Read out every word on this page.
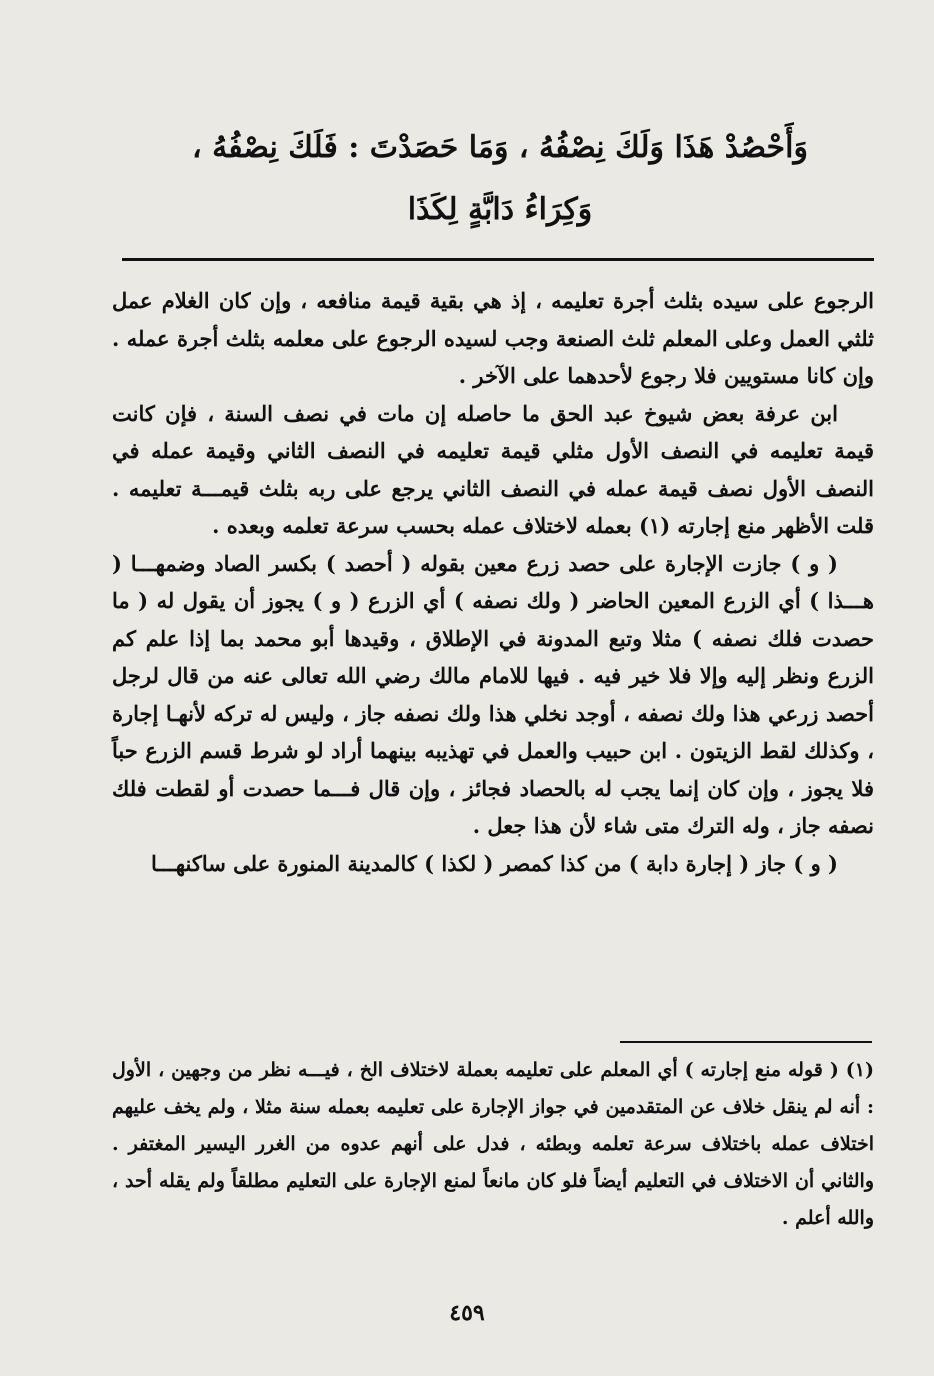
وَأَحْصُدْ هَذَا وَلَكَ نِصْفُهُ ، وَمَا حَصَدْتَ : فَلَكَ نِصْفُهُ ،
وَكِرَاءُ دَابَّةٍ لِكَذَا

الرجوع على سيده بثلث أجرة تعليمه ، إذ هي بقية قيمة منافعه ، وإن كان الغلام عمل ثلثي العمل وعلى المعلم ثلث الصنعة وجب لسيده الرجوع على معلمه بثلث أجرة عمله . وإن كانا مستويين فلا رجوع لأحدهما على الآخر .

ابن عرفة بعض شيوخ عبد الحق ما حاصله إن مات في نصف السنة ، فإن كانت قيمة تعليمه في النصف الأول مثلي قيمة تعليمه في النصف الثاني وقيمة عمله في النصف الأول نصف قيمة عمله في النصف الثاني يرجع على ربه بثلث قيمـــة تعليمه . قلت الأظهر منع إجارته (١) بعمله لاختلاف عمله بحسب سرعة تعلمه وبعده .

( و ) جازت الإجارة على حصد زرع معين بقوله ( أحصد ) بكسر الصاد وضمهـــا ( هـــذا ) أي الزرع المعين الحاضر ( ولك نصفه ) أي الزرع ( و ) يجوز أن يقول له ( ما حصدت فلك نصفه ) مثلا وتبع المدونة في الإطلاق ، وقيدها أبو محمد بما إذا علم كم الزرع ونظر إليه وإلا فلا خير فيه . فيها للامام مالك رضي الله تعالى عنه من قال لرجل أحصد زرعي هذا ولك نصفه ، أوجد نخلي هذا ولك نصفه جاز ، وليس له تركه لأنهـا إجارة ، وكذلك لقط الزيتون . ابن حبيب والعمل في تهذيبه بينهما أراد لو شرط قسم الزرع حباً فلا يجوز ، وإن كان إنما يجب له بالحصاد فجائز ، وإن قال فـــما حصدت أو لقطت فلك نصفه جاز ، وله الترك متى شاء لأن هذا جعل .

( و ) جاز ( إجارة دابة ) من كذا كمصر ( لكذا ) كالمدينة المنورة على ساكنهـــا

(١) ( قوله منع إجارته ) أي المعلم على تعليمه بعملة لاختلاف الخ ، فيـــه نظر من وجهين ، الأول : أنه لم ينقل خلاف عن المتقدمين في جواز الإجارة على تعليمه بعمله سنة مثلا ، ولم يخف عليهم اختلاف عمله باختلاف سرعة تعلمه وبطئه ، فدل على أنهم عدوه من الغرر اليسير المغتفر . والثاني أن الاختلاف في التعليم أيضاً فلو كان مانعاً لمنع الإجارة على التعليم مطلقاً ولم يقله أحد ، والله أعلم .

٤٥٩
